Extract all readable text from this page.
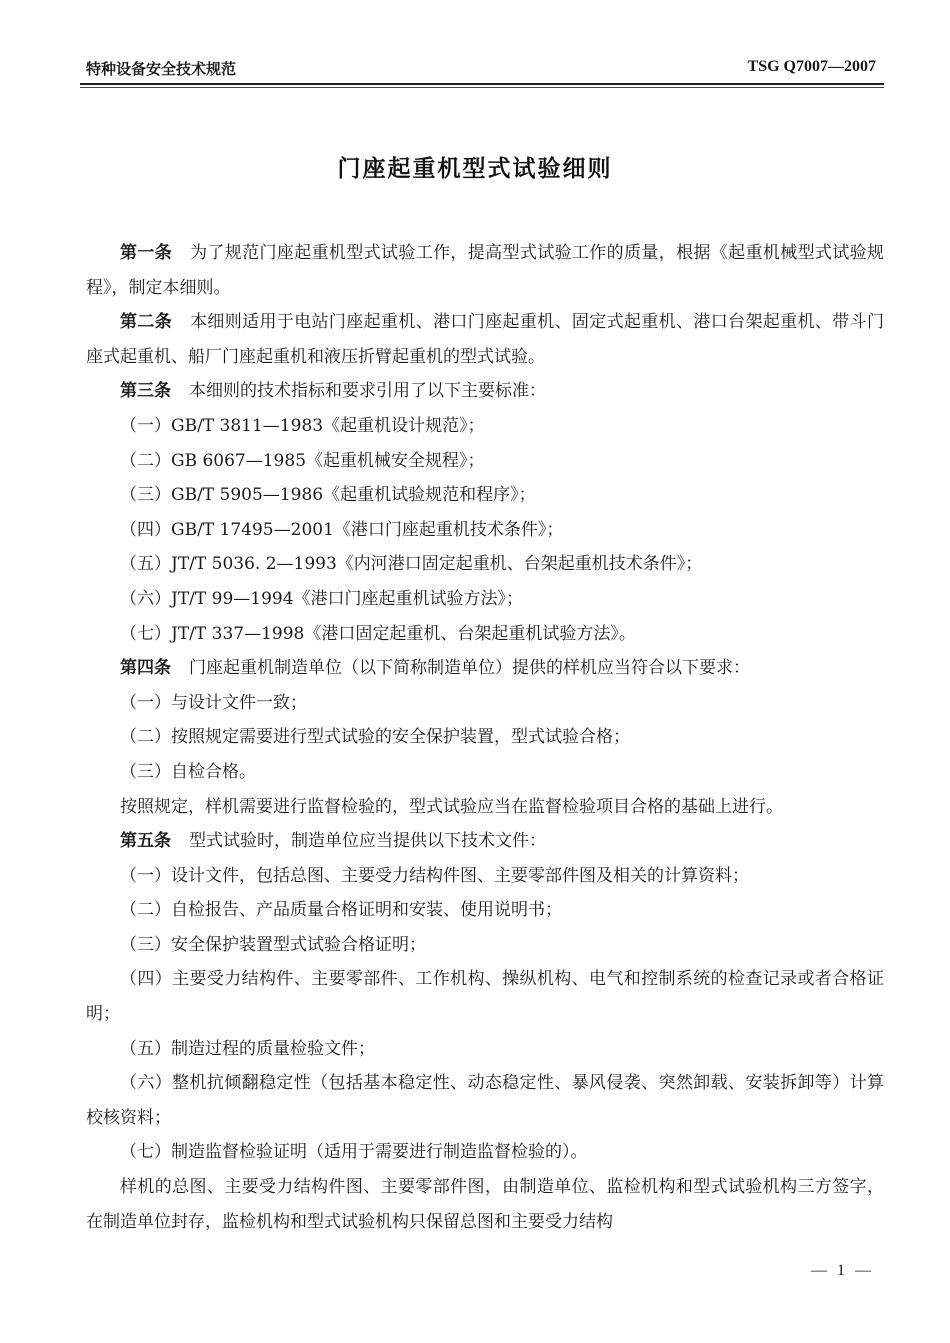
特种设备安全技术规范	TSG Q7007—2007
门座起重机型式试验细则

第一条 为了规范门座起重机型式试验工作，提高型式试验工作的质量，根据《起重机械型式试验规程》，制定本细则。

第二条 本细则适用于电站门座起重机、港口门座起重机、固定式起重机、港口台架起重机、带斗门座式起重机、船厂门座起重机和液压折臂起重机的型式试验。

第三条 本细则的技术指标和要求引用了以下主要标准：

（一）GB/T 3811—1983《起重机设计规范》；

（二）GB 6067—1985《起重机械安全规程》；

（三）GB/T 5905—1986《起重机试验规范和程序》；

（四）GB/T 17495—2001《港口门座起重机技术条件》；

（五）JT/T 5036. 2—1993《内河港口固定起重机、台架起重机技术条件》；

（六）JT/T 99—1994《港口门座起重机试验方法》；

（七）JT/T 337—1998《港口固定起重机、台架起重机试验方法》。

第四条 门座起重机制造单位（以下简称制造单位）提供的样机应当符合以下要求：

（一）与设计文件一致；

（二）按照规定需要进行型式试验的安全保护装置，型式试验合格；

（三）自检合格。

按照规定，样机需要进行监督检验的，型式试验应当在监督检验项目合格的基础上进行。

第五条 型式试验时，制造单位应当提供以下技术文件：

（一）设计文件，包括总图、主要受力结构件图、主要零部件图及相关的计算资料；

（二）自检报告、产品质量合格证明和安装、使用说明书；

（三）安全保护装置型式试验合格证明；

（四）主要受力结构件、主要零部件、工作机构、操纵机构、电气和控制系统的检查记录或者合格证明；

（五）制造过程的质量检验文件；

（六）整机抗倾翻稳定性（包括基本稳定性、动态稳定性、暴风侵袭、突然卸载、安装拆卸等）计算校核资料；

（七）制造监督检验证明（适用于需要进行制造监督检验的）。

样机的总图、主要受力结构件图、主要零部件图，由制造单位、监检机构和型式试验机构三方签字，在制造单位封存，监检机构和型式试验机构只保留总图和主要受力结构

— 1 —
